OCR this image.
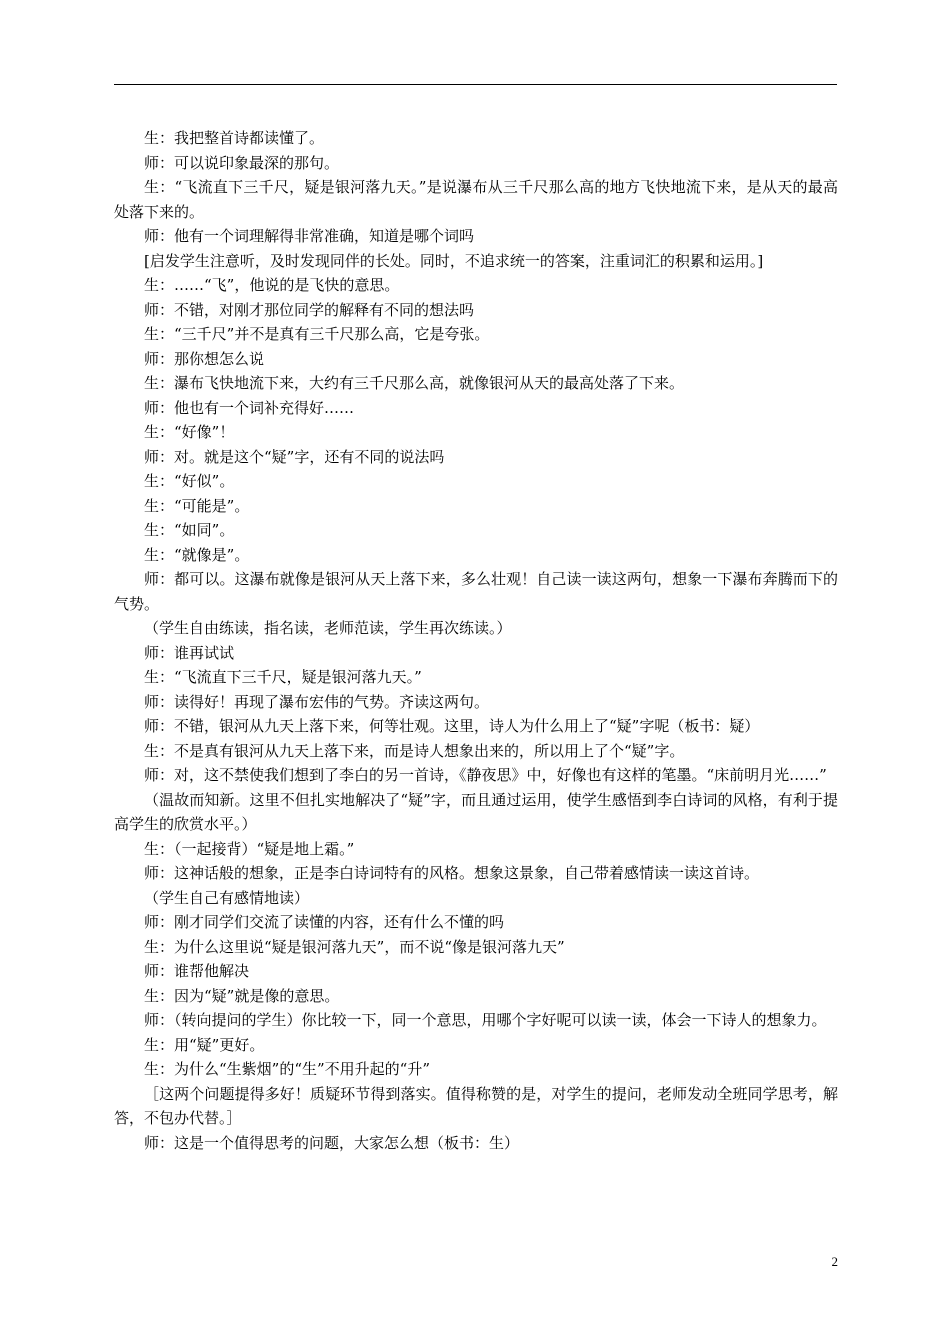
生：我把整首诗都读懂了。

师：可以说印象最深的那句。

生：“飞流直下三千尺，疑是银河落九天。”是说瀑布从三千尺那么高的地方飞快地流下来，是从天的最高处落下来的。

师：他有一个词理解得非常准确，知道是哪个词吗

[启发学生注意听，及时发现同伴的长处。同时，不追求统一的答案，注重词汇的积累和运用。]

生：……“飞”，他说的是飞快的意思。

师：不错，对刚才那位同学的解释有不同的想法吗

生：“三千尺”并不是真有三千尺那么高，它是夸张。

师：那你想怎么说

生：瀑布飞快地流下来，大约有三千尺那么高，就像银河从天的最高处落了下来。

师：他也有一个词补充得好……

生：“好像”！

师：对。就是这个“疑”字，还有不同的说法吗

生：“好似”。

生：“可能是”。

生：“如同”。

生：“就像是”。

师：都可以。这瀑布就像是银河从天上落下来，多么壮观！自己读一读这两句，想象一下瀑布奔腾而下的气势。

（学生自由练读，指名读，老师范读，学生再次练读。）

师：谁再试试

生：“飞流直下三千尺，疑是银河落九天。”

师：读得好！再现了瀑布宏伟的气势。齐读这两句。

师：不错，银河从九天上落下来，何等壮观。这里，诗人为什么用上了“疑”字呢（板书：疑）

生：不是真有银河从九天上落下来，而是诗人想象出来的，所以用上了个“疑”字。

师：对，这不禁使我们想到了李白的另一首诗，《静夜思》中，好像也有这样的笔墨。“床前明月光……”

（温故而知新。这里不但扎实地解决了“疑”字，而且通过运用，使学生感悟到李白诗词的风格，有利于提高学生的欣赏水平。）

生：（一起接背）“疑是地上霜。”

师：这神话般的想象，正是李白诗词特有的风格。想象这景象，自己带着感情读一读这首诗。

（学生自己有感情地读）

师：刚才同学们交流了读懂的内容，还有什么不懂的吗

生：为什么这里说“疑是银河落九天”，而不说“像是银河落九天”

师：谁帮他解决

生：因为“疑”就是像的意思。

师：（转向提问的学生）你比较一下，同一个意思，用哪个字好呢可以读一读，体会一下诗人的想象力。

生：用“疑”更好。

生：为什么“生紫烟”的“生”不用升起的“升”

［这两个问题提得多好！质疑环节得到落实。值得称赞的是，对学生的提问，老师发动全班同学思考，解答，不包办代替。］

师：这是一个值得思考的问题，大家怎么想（板书：生）

2
